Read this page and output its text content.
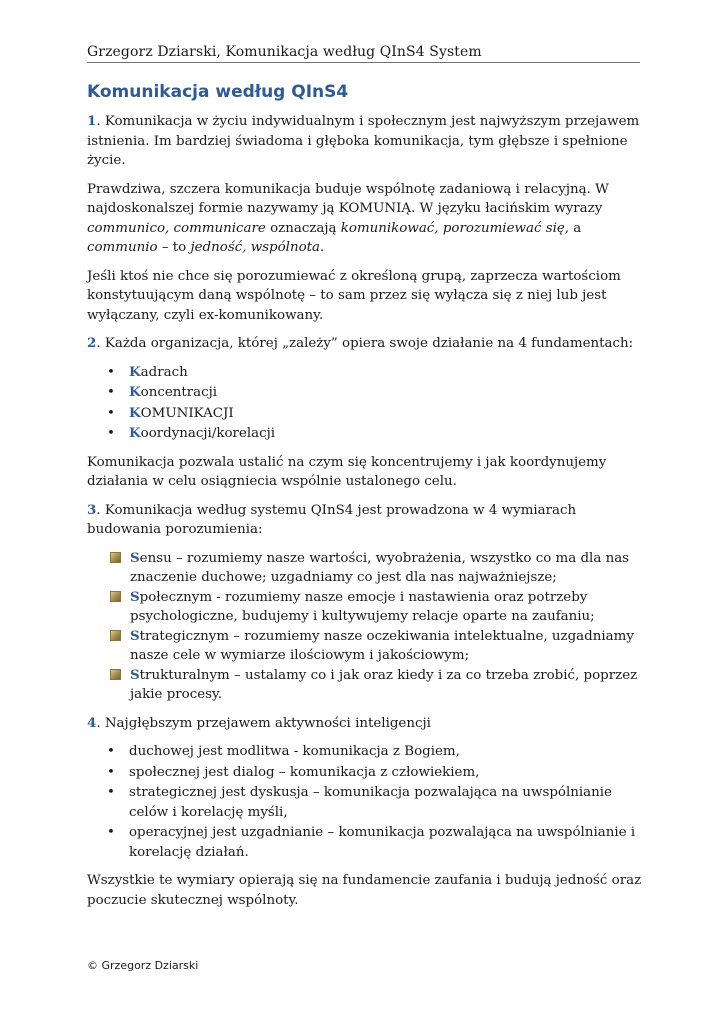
Grzegorz Dziarski, Komunikacja według QInS4 System
Komunikacja według QInS4

1. Komunikacja w życiu indywidualnym i społecznym jest najwyższym przejawem istnienia. Im bardziej świadoma i głęboka komunikacja, tym głębsze i spełnione życie.

Prawdziwa, szczera komunikacja buduje wspólnotę zadaniową i relacyjną. W najdoskonalszej formie nazywamy ją KOMUNIĄ. W języku łacińskim wyrazy communico, communicare oznaczają komunikować, porozumiewać się, a communio – to jedność, wspólnota.

Jeśli ktoś nie chce się porozumiewać z określoną grupą, zaprzecza wartościom konstytuującym daną wspólnotę – to sam przez się wyłącza się z niej lub jest wyłączany, czyli ex-komunikowany.

2. Każda organizacja, której „zależy” opiera swoje działanie na 4 fundamentach:

• Kadrach
• Koncentracji
• KOMUNIKACJI
• Koordynacji/korelacji

Komunikacja pozwala ustalić na czym się koncentrujemy i jak koordynujemy działania w celu osiągniecia wspólnie ustalonego celu.

3. Komunikacja według systemu QInS4 jest prowadzona w 4 wymiarach budowania porozumienia:

Sensu – rozumiemy nasze wartości, wyobrażenia, wszystko co ma dla nas znaczenie duchowe; uzgadniamy co jest dla nas najważniejsze;
Społecznym - rozumiemy nasze emocje i nastawienia oraz potrzeby psychologiczne, budujemy i kultywujemy relacje oparte na zaufaniu;
Strategicznym – rozumiemy nasze oczekiwania intelektualne, uzgadniamy nasze cele w wymiarze ilościowym i jakościowym;
Strukturalnym – ustalamy co i jak oraz kiedy i za co trzeba zrobić, poprzez jakie procesy.

4. Najgłębszym przejawem aktywności inteligencji

• duchowej jest modlitwa - komunikacja z Bogiem,
• społecznej jest dialog – komunikacja z człowiekiem,
• strategicznej jest dyskusja – komunikacja pozwalająca na uwspólnianie celów i korelację myśli,
• operacyjnej jest uzgadnianie – komunikacja pozwalająca na uwspólnianie i korelację działań.

Wszystkie te wymiary opierają się na fundamencie zaufania i budują jedność oraz poczucie skutecznej wspólnoty.

© Grzegorz Dziarski
